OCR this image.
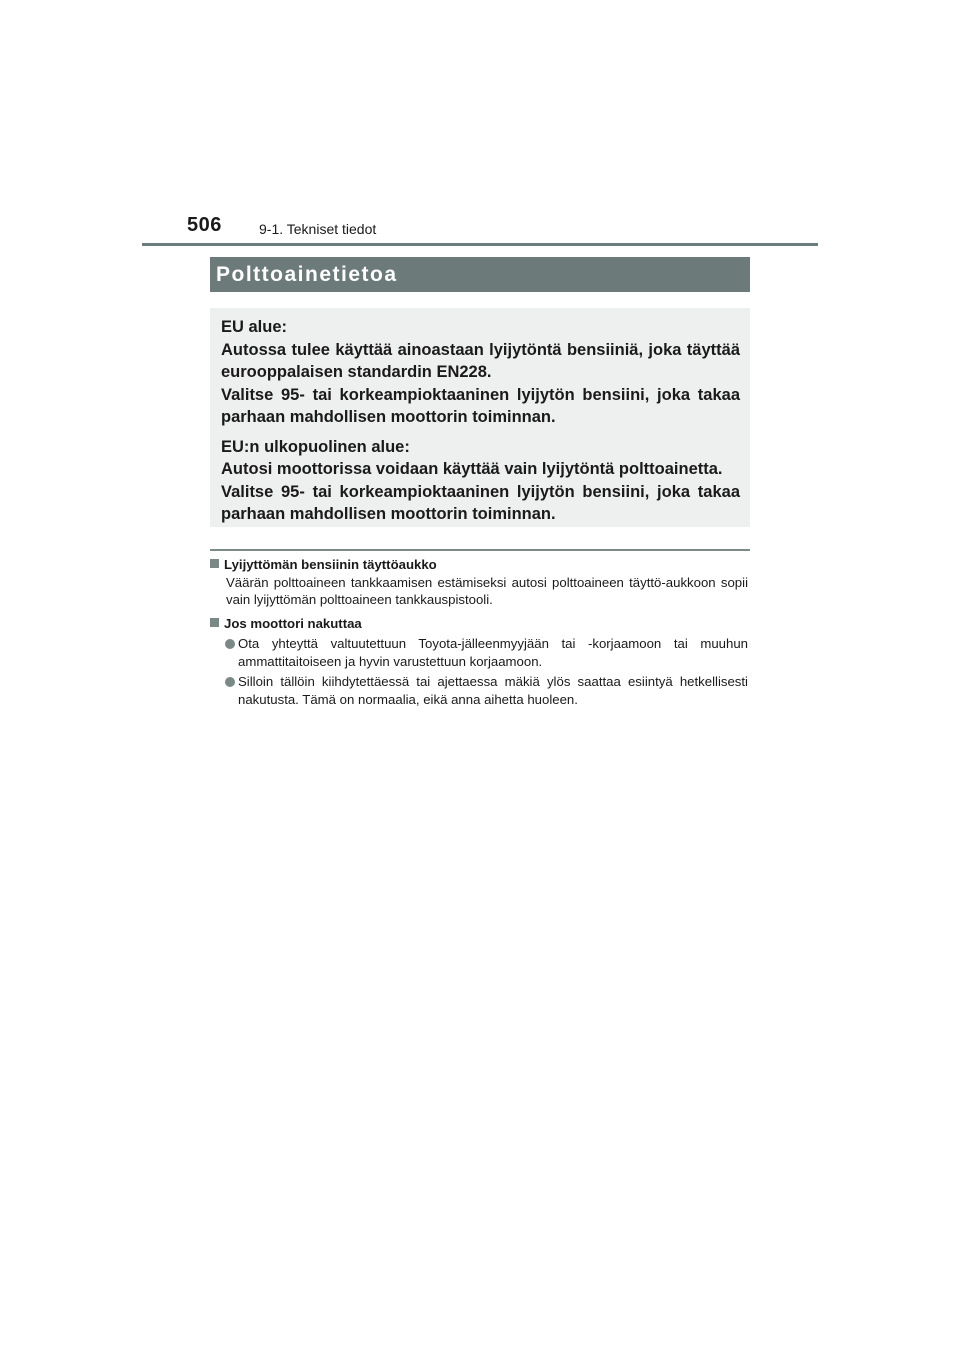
506	9-1. Tekniset tiedot
Polttoainetietoa

EU alue:

Autossa tulee käyttää ainoastaan lyijytöntä bensiiniä, joka täyttää eurooppalaisen standardin EN228.

Valitse 95- tai korkeampioktaaninen lyijytön bensiini, joka takaa parhaan mahdollisen moottorin toiminnan.

EU:n ulkopuolinen alue:

Autosi moottorissa voidaan käyttää vain lyijytöntä polttoainetta.

Valitse 95- tai korkeampioktaaninen lyijytön bensiini, joka takaa parhaan mahdollisen moottorin toiminnan.

Lyijyttömän bensiinin täyttöaukko
Väärän polttoaineen tankkaamisen estämiseksi autosi polttoaineen täyttö-aukkoon sopii vain lyijyttömän polttoaineen tankkauspistooli.
Jos moottori nakuttaa
Ota yhteyttä valtuutettuun Toyota-jälleenmyyjään tai -korjaamoon tai muuhun ammattitaitoiseen ja hyvin varustettuun korjaamoon.
Silloin tällöin kiihdytettäessä tai ajettaessa mäkiä ylös saattaa esiintyä hetkellisesti nakutusta. Tämä on normaalia, eikä anna aihetta huoleen.
